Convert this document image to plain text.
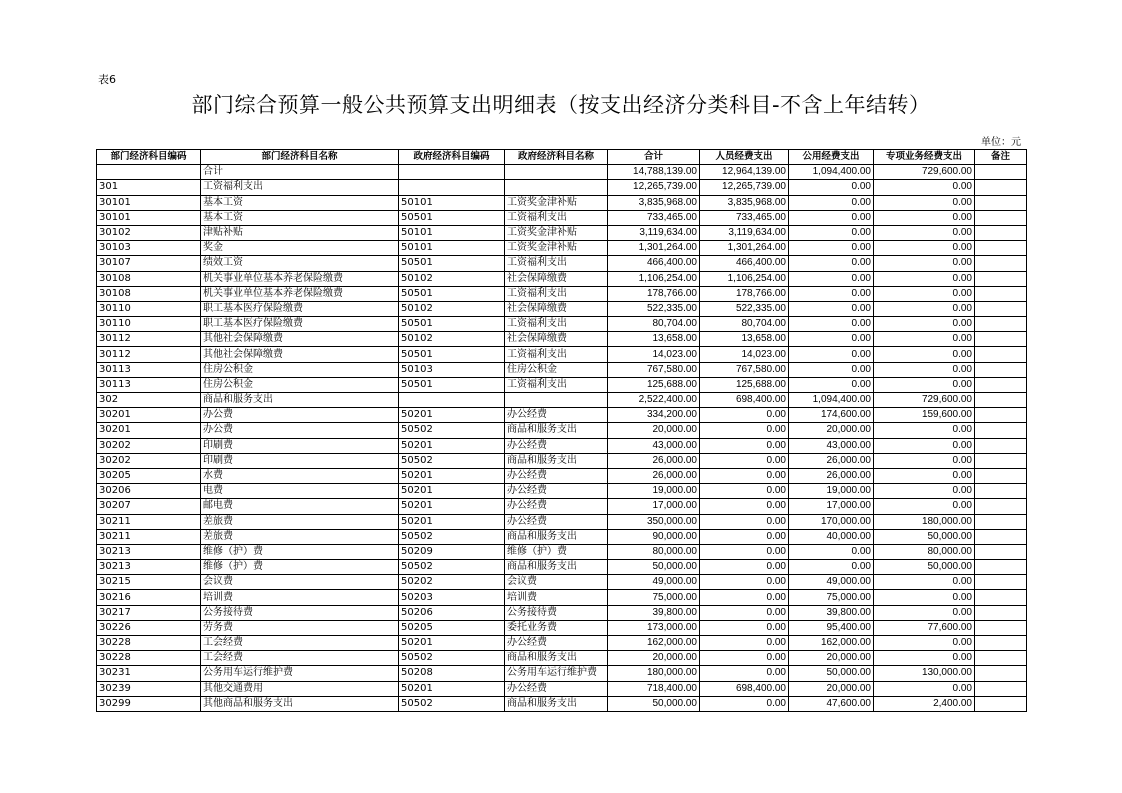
表6
部门综合预算一般公共预算支出明细表（按支出经济分类科目-不含上年结转）
单位：元
部门经济科目编码	部门经济科目名称	政府经济科目编码	政府经济科目名称	合计	人员经费支出	公用经费支出	专项业务经费支出	备注
	合计			14,788,139.00	12,964,139.00	1,094,400.00	729,600.00	
301	工资福利支出			12,265,739.00	12,265,739.00	0.00	0.00	
30101	基本工资	50101	工资奖金津补贴	3,835,968.00	3,835,968.00	0.00	0.00	
30101	基本工资	50501	工资福利支出	733,465.00	733,465.00	0.00	0.00	
30102	津贴补贴	50101	工资奖金津补贴	3,119,634.00	3,119,634.00	0.00	0.00	
30103	奖金	50101	工资奖金津补贴	1,301,264.00	1,301,264.00	0.00	0.00	
30107	绩效工资	50501	工资福利支出	466,400.00	466,400.00	0.00	0.00	
30108	机关事业单位基本养老保险缴费	50102	社会保障缴费	1,106,254.00	1,106,254.00	0.00	0.00	
30108	机关事业单位基本养老保险缴费	50501	工资福利支出	178,766.00	178,766.00	0.00	0.00	
30110	职工基本医疗保险缴费	50102	社会保障缴费	522,335.00	522,335.00	0.00	0.00	
30110	职工基本医疗保险缴费	50501	工资福利支出	80,704.00	80,704.00	0.00	0.00	
30112	其他社会保障缴费	50102	社会保障缴费	13,658.00	13,658.00	0.00	0.00	
30112	其他社会保障缴费	50501	工资福利支出	14,023.00	14,023.00	0.00	0.00	
30113	住房公积金	50103	住房公积金	767,580.00	767,580.00	0.00	0.00	
30113	住房公积金	50501	工资福利支出	125,688.00	125,688.00	0.00	0.00	
302	商品和服务支出			2,522,400.00	698,400.00	1,094,400.00	729,600.00	
30201	办公费	50201	办公经费	334,200.00	0.00	174,600.00	159,600.00	
30201	办公费	50502	商品和服务支出	20,000.00	0.00	20,000.00	0.00	
30202	印刷费	50201	办公经费	43,000.00	0.00	43,000.00	0.00	
30202	印刷费	50502	商品和服务支出	26,000.00	0.00	26,000.00	0.00	
30205	水费	50201	办公经费	26,000.00	0.00	26,000.00	0.00	
30206	电费	50201	办公经费	19,000.00	0.00	19,000.00	0.00	
30207	邮电费	50201	办公经费	17,000.00	0.00	17,000.00	0.00	
30211	差旅费	50201	办公经费	350,000.00	0.00	170,000.00	180,000.00	
30211	差旅费	50502	商品和服务支出	90,000.00	0.00	40,000.00	50,000.00	
30213	维修（护）费	50209	维修（护）费	80,000.00	0.00	0.00	80,000.00	
30213	维修（护）费	50502	商品和服务支出	50,000.00	0.00	0.00	50,000.00	
30215	会议费	50202	会议费	49,000.00	0.00	49,000.00	0.00	
30216	培训费	50203	培训费	75,000.00	0.00	75,000.00	0.00	
30217	公务接待费	50206	公务接待费	39,800.00	0.00	39,800.00	0.00	
30226	劳务费	50205	委托业务费	173,000.00	0.00	95,400.00	77,600.00	
30228	工会经费	50201	办公经费	162,000.00	0.00	162,000.00	0.00	
30228	工会经费	50502	商品和服务支出	20,000.00	0.00	20,000.00	0.00	
30231	公务用车运行维护费	50208	公务用车运行维护费	180,000.00	0.00	50,000.00	130,000.00	
30239	其他交通费用	50201	办公经费	718,400.00	698,400.00	20,000.00	0.00	
30299	其他商品和服务支出	50502	商品和服务支出	50,000.00	0.00	47,600.00	2,400.00	
